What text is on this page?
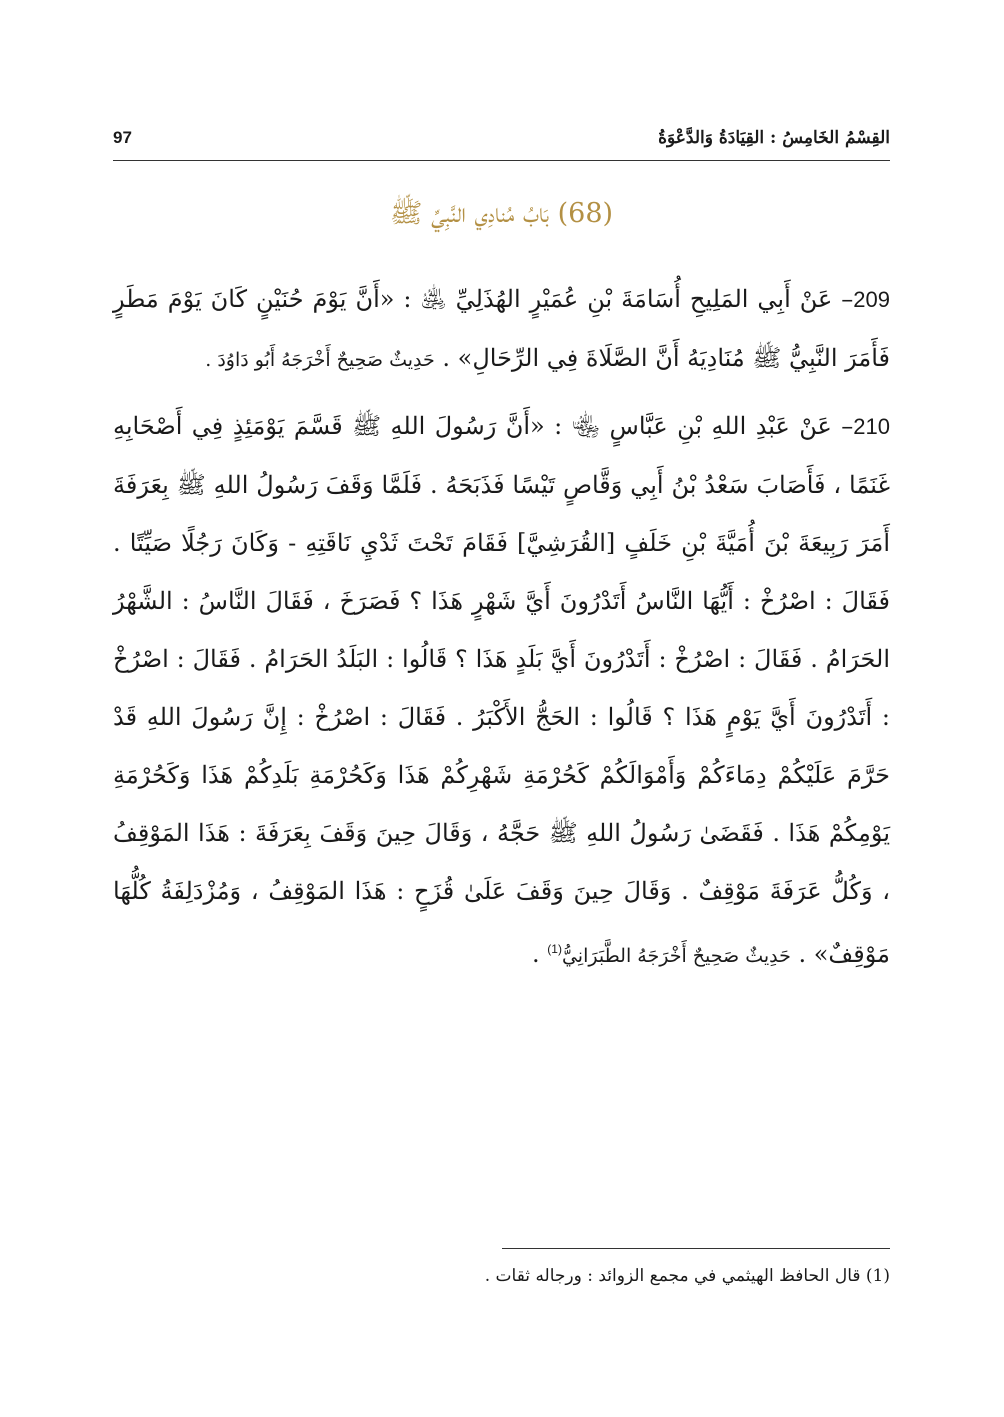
97	القِسْمُ الخَامِسُ : القِيَادَةُ وَالدَّعْوَةُ
(68) بَابُ مُنادِي النَّبِيِّ ﷺ

209– عَنْ أَبِي المَلِيحِ أُسَامَةَ بْنِ عُمَيْرٍ الهُذَلِيِّ ﵁ : «أَنَّ يَوْمَ حُنَيْنٍ كَانَ يَوْمَ مَطَرٍ فَأَمَرَ النَّبِيُّ ﷺ مُنَادِيَهُ أَنَّ الصَّلَاةَ فِي الرِّحَالِ» . حَدِيثٌ صَحِيحٌ أَخْرَجَهُ أَبُو دَاوُدَ .

210– عَنْ عَبْدِ اللهِ بْنِ عَبَّاسٍ ﵄ : «أَنَّ رَسُولَ اللهِ ﷺ قَسَّمَ يَوْمَئِذٍ فِي أَصْحَابِهِ غَنَمًا ، فَأَصَابَ سَعْدُ بْنُ أَبِي وَقَّاصٍ تَيْسًا فَذَبَحَهُ . فَلَمَّا وَقَفَ رَسُولُ اللهِ ﷺ بِعَرَفَةَ أَمَرَ رَبِيعَةَ بْنَ أُمَيَّةَ بْنِ خَلَفٍ [القُرَشِيَّ] فَقَامَ تَحْتَ ثَدْيِ نَاقَتِهِ - وَكَانَ رَجُلًا صَيِّتًا . فَقَالَ : اصْرُخْ : أَيُّهَا النَّاسُ أَتَدْرُونَ أَيَّ شَهْرٍ هَذَا ؟ فَصَرَخَ ، فَقَالَ النَّاسُ : الشَّهْرُ الحَرَامُ . فَقَالَ : اصْرُخْ : أَتَدْرُونَ أَيَّ بَلَدٍ هَذَا ؟ قَالُوا : البَلَدُ الحَرَامُ . فَقَالَ : اصْرُخْ : أَتَدْرُونَ أَيَّ يَوْمٍ هَذَا ؟ قَالُوا : الحَجُّ الأَكْبَرُ . فَقَالَ : اصْرُخْ : إِنَّ رَسُولَ اللهِ قَدْ حَرَّمَ عَلَيْكُمْ دِمَاءَكُمْ وَأَمْوَالَكُمْ كَحُرْمَةِ شَهْرِكُمْ هَذَا وَكَحُرْمَةِ بَلَدِكُمْ هَذَا وَكَحُرْمَةِ يَوْمِكُمْ هَذَا . فَقَضَىٰ رَسُولُ اللهِ ﷺ حَجَّهُ ، وَقَالَ حِينَ وَقَفَ بِعَرَفَةَ : هَذَا المَوْقِفُ ، وَكُلُّ عَرَفَةَ مَوْقِفٌ . وَقَالَ حِينَ وَقَفَ عَلَىٰ قُزَحٍ : هَذَا المَوْقِفُ ، وَمُزْدَلِفَةُ كُلُّهَا مَوْقِفٌ» . حَدِيثٌ صَحِيحٌ أَخْرَجَهُ الطَّبَرَانِيُّ$^{(1)}$ .

(1) قال الحافظ الهيثمي في مجمع الزوائد : ورجاله ثقات .
